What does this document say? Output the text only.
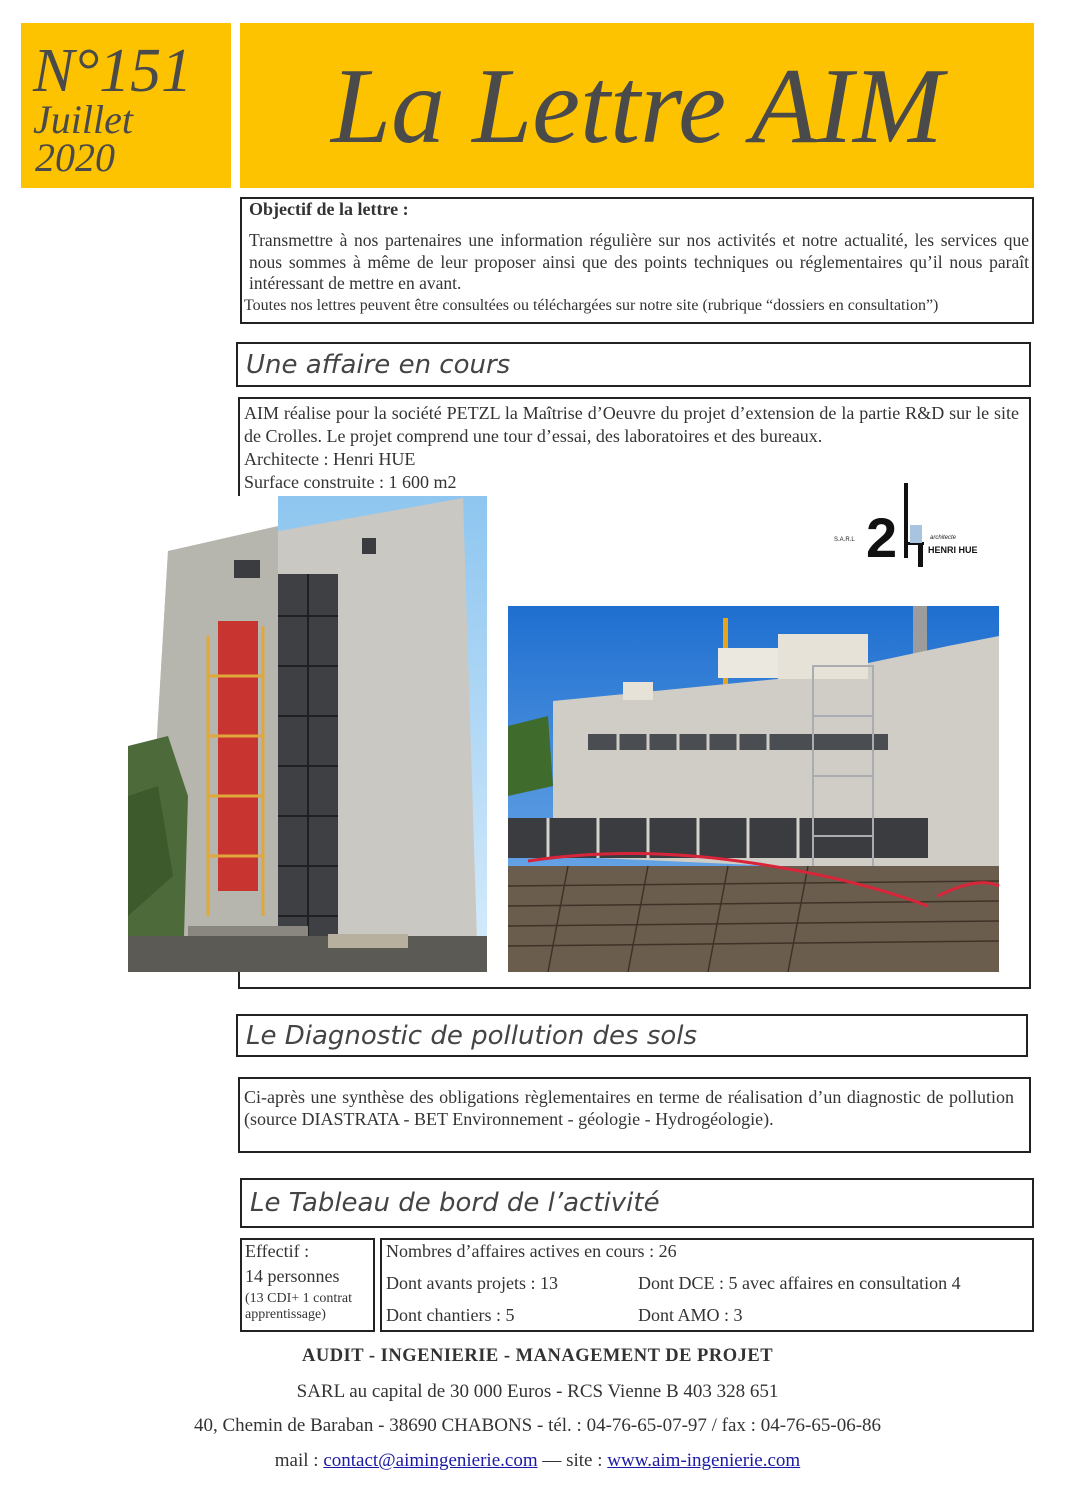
N°151
Juillet
2020	La Lettre AIM
Objectif de la lettre :
Transmettre à nos partenaires une information régulière sur nos activités et notre actualité, les services que nous sommes à même de leur proposer ainsi que des points techniques ou réglementaires qu’il nous paraît intéressant de mettre en avant.
Toutes nos lettres peuvent être consultées ou téléchargées sur notre site (rubrique “dossiers en consultation”)
Une affaire en cours
AIM réalise pour la société PETZL la Maîtrise d’Oeuvre du projet d’extension de la partie R&D sur le site de Crolles. Le projet comprend une tour d’essai, des laboratoires et des bureaux.
Architecte : Henri HUE
Surface construite : 1 600 m2
2
S.A.R.L	architecte
HENRI HUE
Le Diagnostic de pollution des sols
Ci-après une synthèse des obligations règlementaires en terme de réalisation d’un diagnostic de pollution (source DIASTRATA - BET Environnement - géologie - Hydrogéologie).
Le Tableau de bord de l’activité
Effectif :
14 personnes
(13 CDI+ 1 contrat apprentissage)
Nombres d’affaires actives en cours : 26
Dont avants projets : 13	Dont DCE : 5 avec affaires en consultation 4
Dont chantiers : 5	Dont AMO : 3
AUDIT - INGENIERIE - MANAGEMENT DE PROJET
SARL au capital de 30 000 Euros - RCS Vienne B 403 328 651
40, Chemin de Baraban - 38690 CHABONS - tél. : 04-76-65-07-97 / fax : 04-76-65-06-86
mail : contact@aimingenierie.com — site : www.aim-ingenierie.com
